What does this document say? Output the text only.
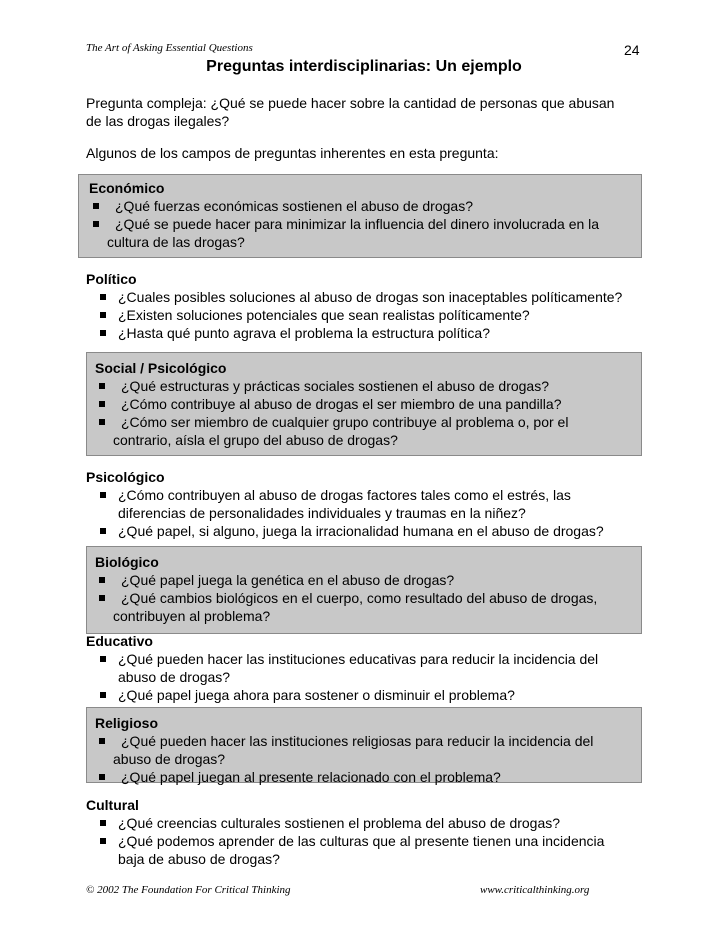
The Art of Asking Essential Questions	24
Preguntas interdisciplinarias: Un ejemplo
Pregunta compleja: ¿Qué se puede hacer sobre la cantidad de personas que abusan
de las drogas ilegales?
Algunos de los campos de preguntas inherentes en esta pregunta:
Económico
¿Qué fuerzas económicas sostienen el abuso de drogas?
¿Qué se puede hacer para minimizar la influencia del dinero involucrada en la
cultura de las drogas?
Político
¿Cuales posibles soluciones al abuso de drogas son inaceptables políticamente?
¿Existen soluciones potenciales que sean realistas políticamente?
¿Hasta qué punto agrava el problema la estructura política?
Social / Psicológico
¿Qué estructuras y prácticas sociales sostienen el abuso de drogas?
¿Cómo contribuye al abuso de drogas el ser miembro de una pandilla?
¿Cómo ser miembro de cualquier grupo contribuye al problema o, por el
contrario, aísla el grupo del abuso de drogas?
Psicológico
¿Cómo contribuyen al abuso de drogas factores tales como el estrés, las
diferencias de personalidades individuales y traumas en la niñez?
¿Qué papel, si alguno, juega la irracionalidad humana en el abuso de drogas?
Biológico
¿Qué papel juega la genética en el abuso de drogas?
¿Qué cambios biológicos en el cuerpo, como resultado del abuso de drogas,
contribuyen al problema?
Educativo
¿Qué pueden hacer las instituciones educativas para reducir la incidencia del
abuso de drogas?
¿Qué papel juega ahora para sostener o disminuir el problema?
Religioso
¿Qué pueden hacer las instituciones religiosas para reducir la incidencia del
abuso de drogas?
¿Qué papel juegan al presente relacionado con el problema?
Cultural
¿Qué creencias culturales sostienen el problema del abuso de drogas?
¿Qué podemos aprender de las culturas que al presente tienen una incidencia
baja de abuso de drogas?
© 2002 The Foundation For Critical Thinking	www.criticalthinking.org
